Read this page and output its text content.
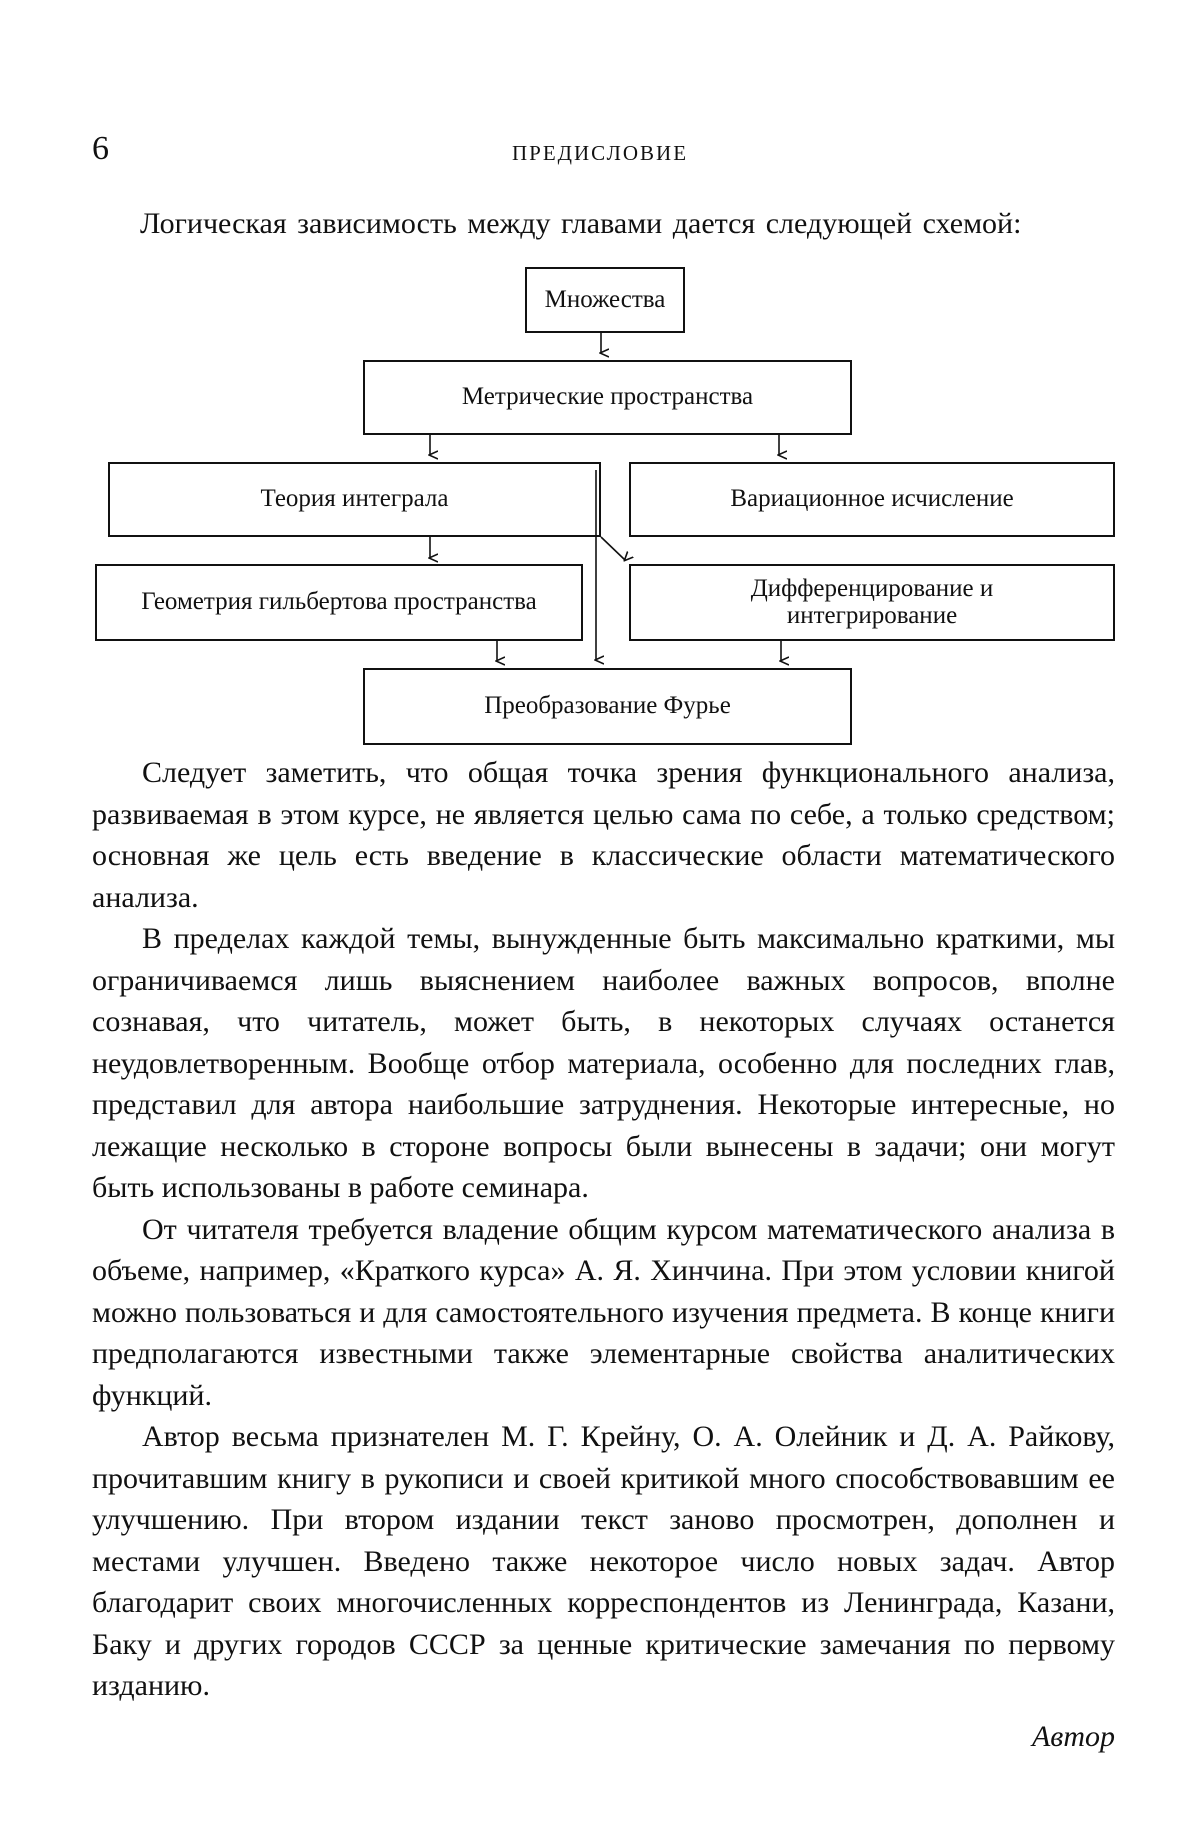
6	ПРЕДИСЛОВИЕ
Логическая зависимость между главами дается следующей схемой:
Множества
Метрические пространства
Теория интеграла	Вариационное исчисление
Геометрия гильбертова пространства	Дифференцирование и
интегрирование
Преобразование Фурье

Следует заметить, что общая точка зрения функционального анализа, развиваемая в этом курсе, не является целью сама по себе, а только средством; основная же цель есть введение в классические области математического анализа.

В пределах каждой темы, вынужденные быть максимально краткими, мы ограничиваемся лишь выяснением наиболее важных вопросов, вполне сознавая, что читатель, может быть, в некоторых случаях останется неудовлетворенным. Вообще отбор материала, особенно для последних глав, представил для автора наибольшие затруднения. Некоторые интересные, но лежащие несколько в стороне вопросы были вынесены в задачи; они могут быть использованы в работе семинара.

От читателя требуется владение общим курсом математического анализа в объеме, например, «Краткого курса» А. Я. Хинчина. При этом условии книгой можно пользоваться и для самостоятельного изучения предмета. В конце книги предполагаются известными также элементарные свойства аналитических функций.

Автор весьма признателен М. Г. Крейну, О. А. Олейник и Д. А. Райкову, прочитавшим книгу в рукописи и своей критикой много способствовавшим ее улучшению. При втором издании текст заново просмотрен, дополнен и местами улучшен. Введено также некоторое число новых задач. Автор благодарит своих многочисленных корреспондентов из Ленинграда, Казани, Баку и других городов СССР за ценные критические замечания по первому изданию.

Автор
